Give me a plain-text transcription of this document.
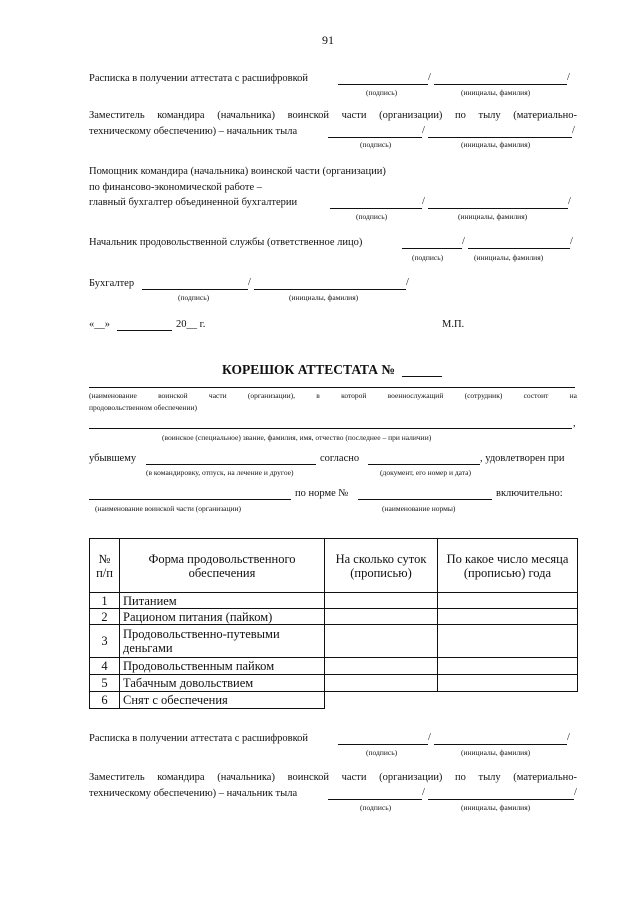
91
Расписка в получении аттестата с расшифровкой	/	/
(подпись)	(инициалы, фамилия)
Заместитель командира (начальника) воинской части (организации) по тылу (материально-
техническому обеспечению) – начальник тыла	/	/
(подпись)	(инициалы, фамилия)
Помощник командира (начальника) воинской части (организации)
по финансово-экономической работе –
главный бухгалтер объединенной бухгалтерии	/	/
(подпись)	(инициалы, фамилия)
Начальник продовольственной службы (ответственное лицо)	/	/
(подпись)	(инициалы, фамилия)
Бухгалтер	/	/
(подпись)	(инициалы, фамилия)
«__»	20__ г.	М.П.
КОРЕШОК АТТЕСТАТА №
(наименование воинской части (организации), в которой военнослужащий (сотрудник) состоит на
продовольственном обеспечении)
,
(воинское (специальное) звание, фамилия, имя, отчество (последнее – при наличии)
убывшему	согласно	, удовлетворен при
(в командировку, отпуск, на лечение и другое)	(документ, его номер и дата)
по норме №	включительно:
(наименование воинской части (организации)	(наименование нормы)
№ п/п	Форма продовольственного обеспечения	На сколько суток (прописью)	По какое число месяца (прописью) года
1	Питанием		
2	Рационом питания (пайком)		
3	Продовольственно-путевыми деньгами		
4	Продовольственным пайком		
5	Табачным довольствием		
6	Снят с обеспечения		
Расписка в получении аттестата с расшифровкой	/	/
(подпись)	(инициалы, фамилия)
Заместитель командира (начальника) воинской части (организации) по тылу (материально-
техническому обеспечению) – начальник тыла	/	/
(подпись)	(инициалы, фамилия)
